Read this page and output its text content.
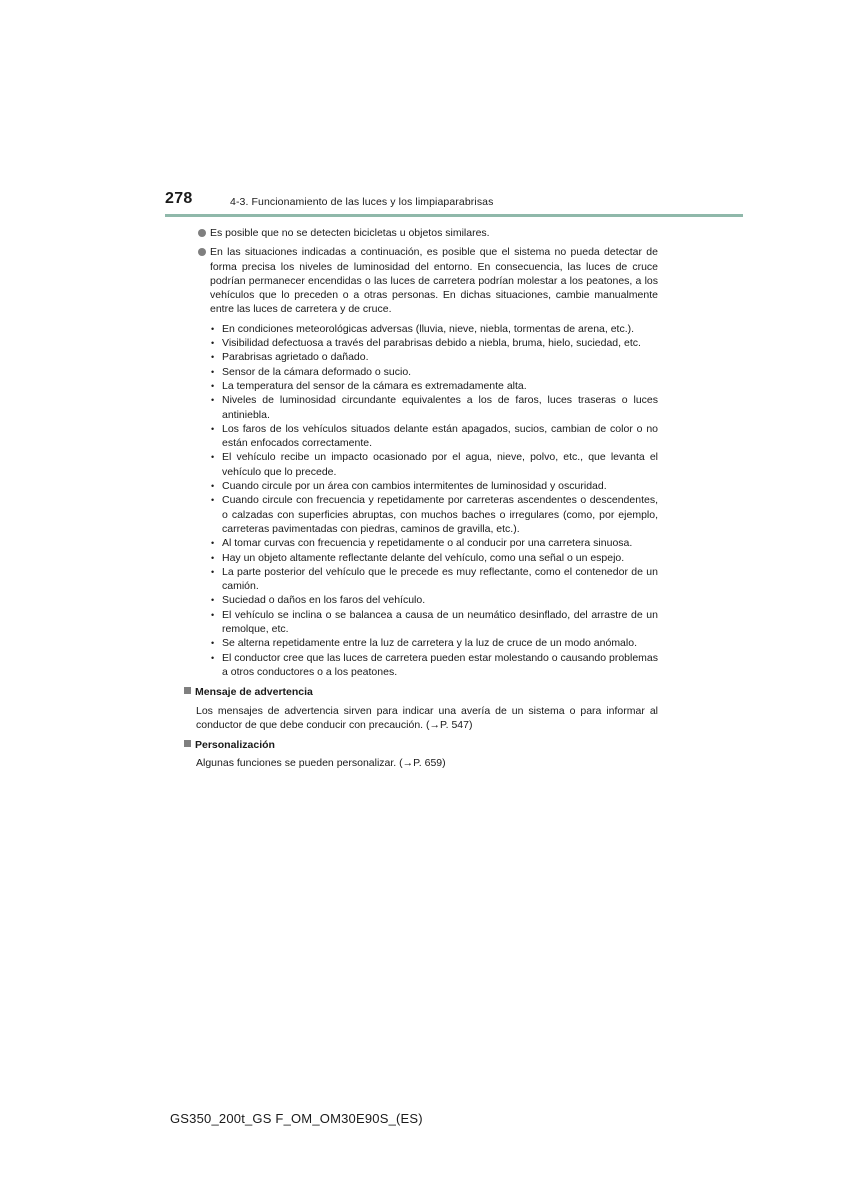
278	4-3. Funcionamiento de las luces y los limpiaparabrisas
Es posible que no se detecten bicicletas u objetos similares.
En las situaciones indicadas a continuación, es posible que el sistema no pueda detectar de forma precisa los niveles de luminosidad del entorno. En consecuencia, las luces de cruce podrían permanecer encendidas o las luces de carretera podrían molestar a los peatones, a los vehículos que lo preceden o a otras personas. En dichas situaciones, cambie manualmente entre las luces de carretera y de cruce.
• En condiciones meteorológicas adversas (lluvia, nieve, niebla, tormentas de arena, etc.).
• Visibilidad defectuosa a través del parabrisas debido a niebla, bruma, hielo, suciedad, etc.
• Parabrisas agrietado o dañado.
• Sensor de la cámara deformado o sucio.
• La temperatura del sensor de la cámara es extremadamente alta.
• Niveles de luminosidad circundante equivalentes a los de faros, luces traseras o luces antiniebla.
• Los faros de los vehículos situados delante están apagados, sucios, cambian de color o no están enfocados correctamente.
• El vehículo recibe un impacto ocasionado por el agua, nieve, polvo, etc., que levanta el vehículo que lo precede.
• Cuando circule por un área con cambios intermitentes de luminosidad y oscuridad.
• Cuando circule con frecuencia y repetidamente por carreteras ascendentes o descendentes, o calzadas con superficies abruptas, con muchos baches o irregulares (como, por ejemplo, carreteras pavimentadas con piedras, caminos de gravilla, etc.).
• Al tomar curvas con frecuencia y repetidamente o al conducir por una carretera sinuosa.
• Hay un objeto altamente reflectante delante del vehículo, como una señal o un espejo.
• La parte posterior del vehículo que le precede es muy reflectante, como el contenedor de un camión.
• Suciedad o daños en los faros del vehículo.
• El vehículo se inclina o se balancea a causa de un neumático desinflado, del arrastre de un remolque, etc.
• Se alterna repetidamente entre la luz de carretera y la luz de cruce de un modo anómalo.
• El conductor cree que las luces de carretera pueden estar molestando o causando problemas a otros conductores o a los peatones.
Mensaje de advertencia
Los mensajes de advertencia sirven para indicar una avería de un sistema o para informar al conductor de que debe conducir con precaución. (→P. 547)
Personalización
Algunas funciones se pueden personalizar. (→P. 659)
GS350_200t_GS F_OM_OM30E90S_(ES)
